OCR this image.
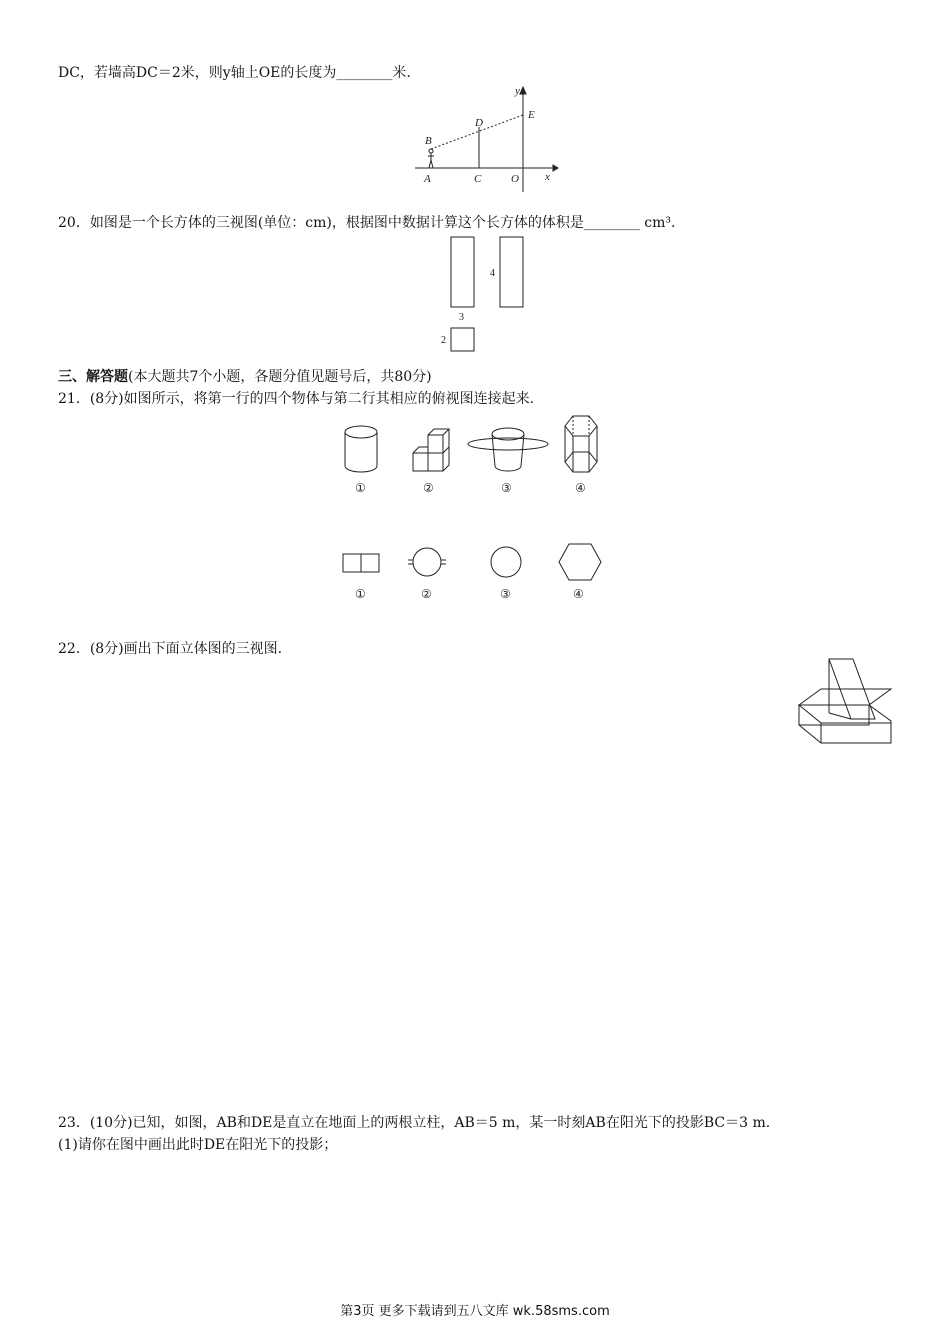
DC，若墙高DC＝2米，则y轴上OE的长度为________米.
y
E
D
B
A	C	O x
20．如图是一个长方体的三视图(单位：cm)，根据图中数据计算这个长方体的体积是________ cm³.
4
3
2
三、解答题(本大题共7个小题，各题分值见题号后，共80分)
21．(8分)如图所示，将第一行的四个物体与第二行其相应的俯视图连接起来.
①	②	③	④
①	②	③	④
22．(8分)画出下面立体图的三视图.
23．(10分)已知，如图，AB和DE是直立在地面上的两根立柱，AB＝5 m，某一时刻AB在阳光下的投影BC＝3 m.
(1)请你在图中画出此时DE在阳光下的投影；
第3页 更多下载请到五八文库 wk.58sms.com
